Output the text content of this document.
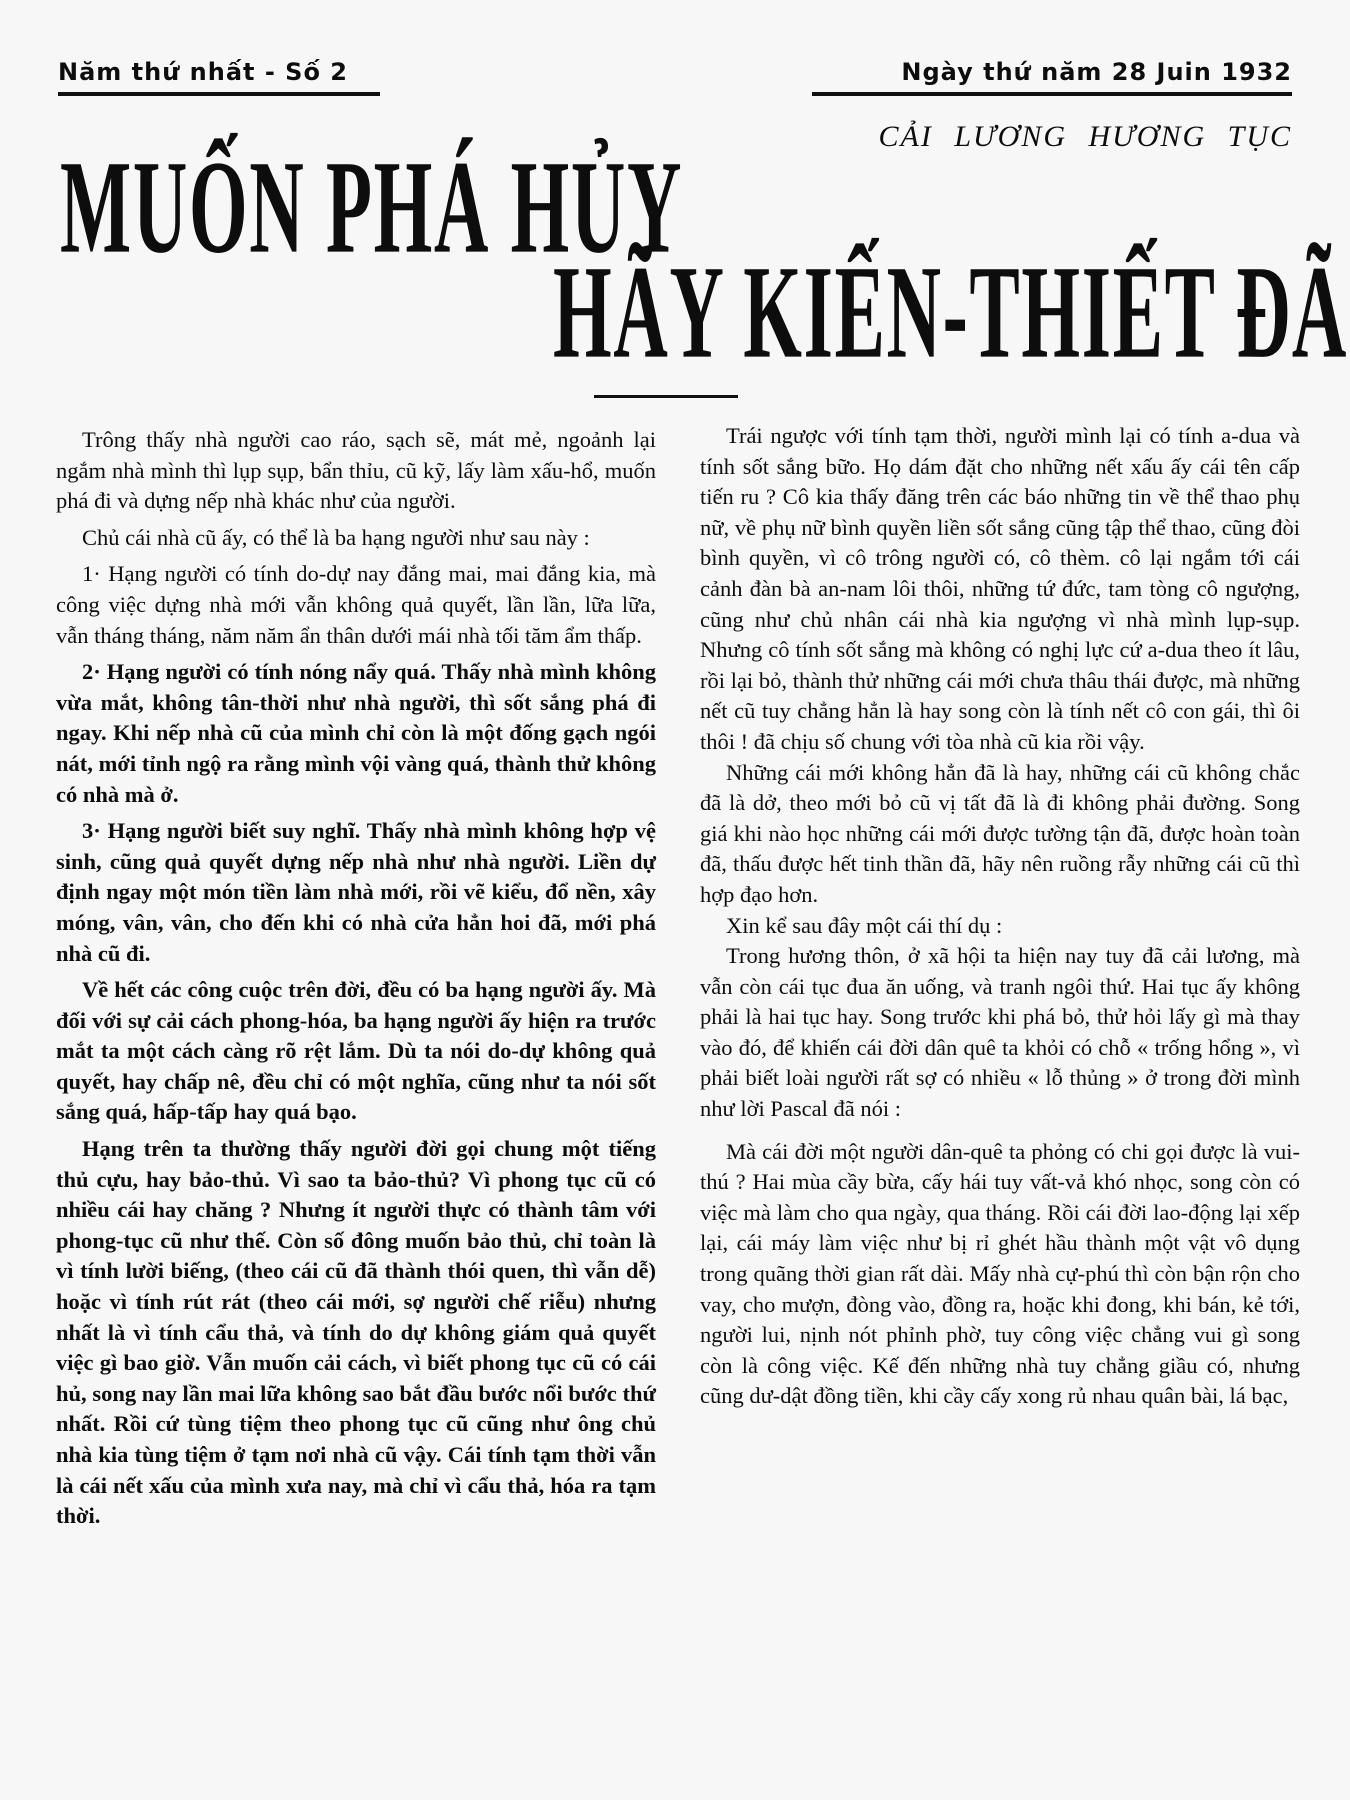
Năm thứ nhất - Số 2	Ngày thứ năm 28 Juin 1932
CẢI LƯƠNG HƯƠNG TỤC
MUỐN PHÁ HỦY
HÃY KIẾN-THIẾT ĐÃ

Trông thấy nhà người cao ráo, sạch sẽ, mát mẻ, ngoảnh lại ngắm nhà mình thì lụp sụp, bẩn thỉu, cũ kỹ, lấy làm xấu-hổ, muốn phá đi và dựng nếp nhà khác như của người.

Chủ cái nhà cũ ấy, có thể là ba hạng người như sau này :

1· Hạng người có tính do-dự nay đắng mai, mai đắng kia, mà công việc dựng nhà mới vẫn không quả quyết, lần lần, lữa lữa, vẫn tháng tháng, năm năm ẩn thân dưới mái nhà tối tăm ẩm thấp.

2· Hạng người có tính nóng nẩy quá. Thấy nhà mình không vừa mắt, không tân-thời như nhà người, thì sốt sắng phá đi ngay. Khi nếp nhà cũ của mình chỉ còn là một đống gạch ngói nát, mới tỉnh ngộ ra rằng mình vội vàng quá, thành thử không có nhà mà ở.

3· Hạng người biết suy nghĩ. Thấy nhà mình không hợp vệ sinh, cũng quả quyết dựng nếp nhà như nhà người. Liền dự định ngay một món tiền làm nhà mới, rồi vẽ kiểu, đổ nền, xây móng, vân, vân, cho đến khi có nhà cửa hẳn hoi đã, mới phá nhà cũ đi.

Về hết các công cuộc trên đời, đều có ba hạng người ấy. Mà đối với sự cải cách phong-hóa, ba hạng người ấy hiện ra trước mắt ta một cách càng rõ rệt lắm. Dù ta nói do-dự không quả quyết, hay chấp nê, đều chỉ có một nghĩa, cũng như ta nói sốt sắng quá, hấp-tấp hay quá bạo.

Hạng trên ta thường thấy người đời gọi chung một tiếng thủ cựu, hay bảo-thủ. Vì sao ta bảo-thủ? Vì phong tục cũ có nhiều cái hay chăng ? Nhưng ít người thực có thành tâm với phong-tục cũ như thế. Còn số đông muốn bảo thủ, chỉ toàn là vì tính lười biếng, (theo cái cũ đã thành thói quen, thì vẫn dễ) hoặc vì tính rút rát (theo cái mới, sợ người chế riễu) nhưng nhất là vì tính cẩu thả, và tính do dự không giám quả quyết việc gì bao giờ. Vẫn muốn cải cách, vì biết phong tục cũ có cái hủ, song nay lần mai lữa không sao bắt đầu bước nổi bước thứ nhất. Rồi cứ tùng tiệm theo phong tục cũ cũng như ông chủ nhà kia tùng tiệm ở tạm nơi nhà cũ vậy. Cái tính tạm thời vẫn là cái nết xấu của mình xưa nay, mà chỉ vì cẩu thả, hóa ra tạm thời.

Trái ngược với tính tạm thời, người mình lại có tính a-dua và tính sốt sắng bữo. Họ dám đặt cho những nết xấu ấy cái tên cấp tiến ru ? Cô kia thấy đăng trên các báo những tin về thể thao phụ nữ, về phụ nữ bình quyền liền sốt sắng cũng tập thể thao, cũng đòi bình quyền, vì cô trông người có, cô thèm. cô lại ngắm tới cái cảnh đàn bà an-nam lôi thôi, những tứ đức, tam tòng cô ngượng, cũng như chủ nhân cái nhà kia ngượng vì nhà mình lụp-sụp. Nhưng cô tính sốt sắng mà không có nghị lực cứ a-dua theo ít lâu, rồi lại bỏ, thành thử những cái mới chưa thâu thái được, mà những nết cũ tuy chẳng hẳn là hay song còn là tính nết cô con gái, thì ôi thôi ! đã chịu số chung với tòa nhà cũ kia rồi vậy.

Những cái mới không hẳn đã là hay, những cái cũ không chắc đã là dở, theo mới bỏ cũ vị tất đã là đi không phải đường. Song giá khi nào học những cái mới được tường tận đã, được hoàn toàn đã, thấu được hết tinh thần đã, hãy nên ruồng rẫy những cái cũ thì hợp đạo hơn.

Xin kể sau đây một cái thí dụ :

Trong hương thôn, ở xã hội ta hiện nay tuy đã cải lương, mà vẫn còn cái tục đua ăn uống, và tranh ngôi thứ. Hai tục ấy không phải là hai tục hay. Song trước khi phá bỏ, thử hỏi lấy gì mà thay vào đó, để khiến cái đời dân quê ta khỏi có chỗ « trống hổng », vì phải biết loài người rất sợ có nhiều « lỗ thủng » ở trong đời mình như lời Pascal đã nói :

Mà cái đời một người dân-quê ta phỏng có chi gọi được là vui-thú ? Hai mùa cầy bừa, cấy hái tuy vất-vả khó nhọc, song còn có việc mà làm cho qua ngày, qua tháng. Rồi cái đời lao-động lại xếp lại, cái máy làm việc như bị rỉ ghét hầu thành một vật vô dụng trong quãng thời gian rất dài. Mấy nhà cự-phú thì còn bận rộn cho vay, cho mượn, đòng vào, đồng ra, hoặc khi đong, khi bán, kẻ tới, người lui, nịnh nót phỉnh phờ, tuy công việc chẳng vui gì song còn là công việc. Kế đến những nhà tuy chẳng giầu có, nhưng cũng dư-dật đồng tiền, khi cầy cấy xong rủ nhau quân bài, lá bạc,
